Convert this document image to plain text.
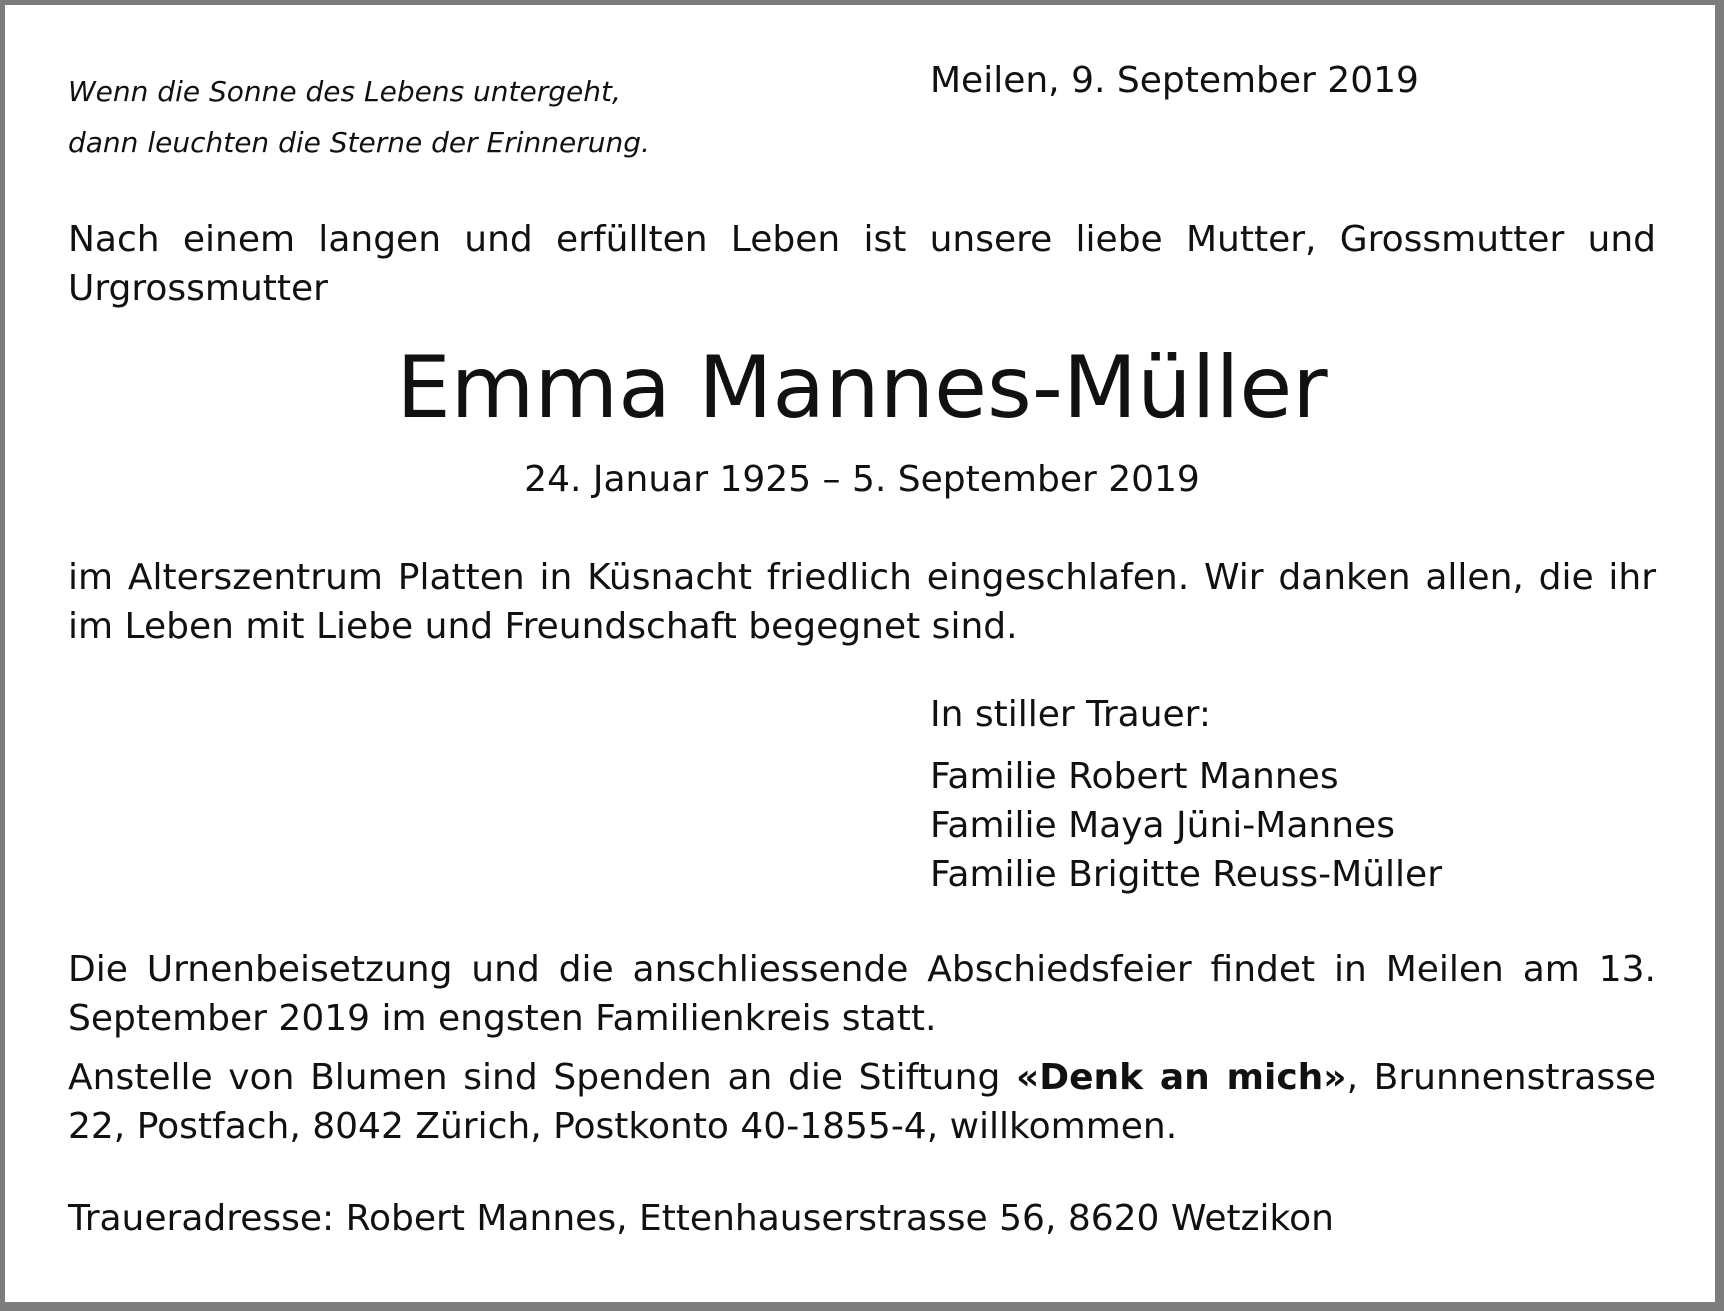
Wenn die Sonne des Lebens untergeht,
dann leuchten die Sterne der Erinnerung.

Meilen, 9. September 2019

Nach einem langen und erfüllten Leben ist unsere liebe Mutter, Grossmutter und Urgrossmutter

Emma Mannes-Müller

24. Januar 1925 – 5. September 2019

im Alterszentrum Platten in Küsnacht friedlich eingeschlafen. Wir danken allen, die ihr im Leben mit Liebe und Freundschaft begegnet sind.

In stiller Trauer:

Familie Robert Mannes
Familie Maya Jüni-Mannes
Familie Brigitte Reuss-Müller

Die Urnenbeisetzung und die anschliessende Abschiedsfeier findet in Meilen am 13. September 2019 im engsten Familienkreis statt.

Anstelle von Blumen sind Spenden an die Stiftung «Denk an mich», Brunnenstrasse 22, Postfach, 8042 Zürich, Postkonto 40-1855-4, willkommen.

Traueradresse: Robert Mannes, Ettenhauserstrasse 56, 8620 Wetzikon
